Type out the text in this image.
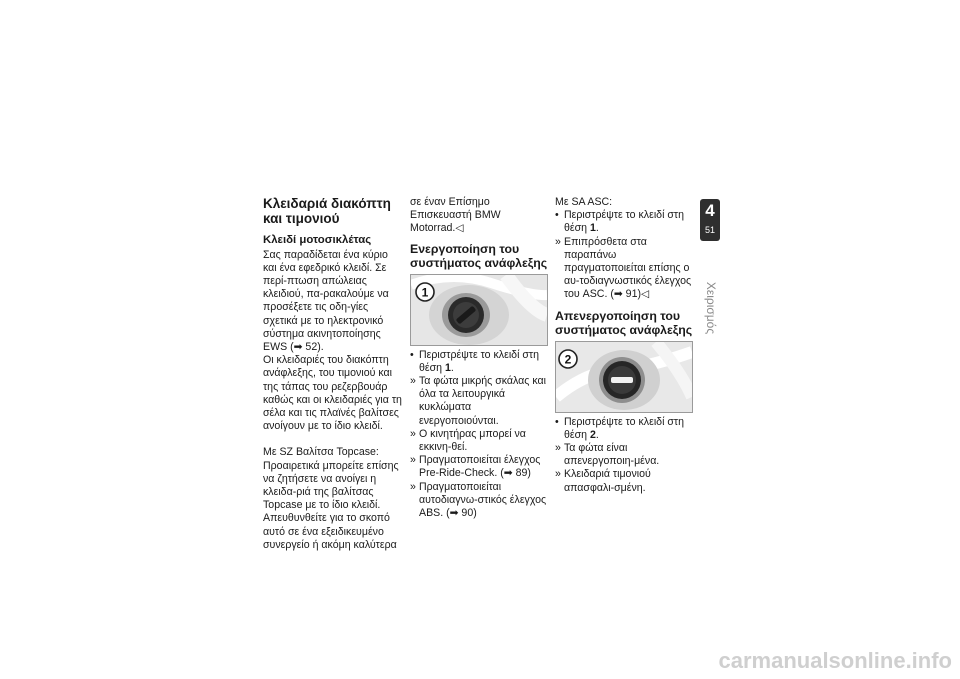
Κλειδαριά διακόπτη και τιμονιού
Κλειδί μοτοσικλέτας

Σας παραδίδεται ένα κύριο και ένα εφεδρικό κλειδί. Σε περί-πτωση απώλειας κλειδιού, πα-ρακαλούμε να προσέξετε τις οδη-γίες σχετικά με το ηλεκτρονικό σύστημα ακινητοποίησης EWS (➡ 52).

Οι κλειδαριές του διακόπτη ανάφλεξης, του τιμονιού και της τάπας του ρεζερβουάρ καθώς και οι κλειδαριές για τη σέλα και τις πλαϊνές βαλίτσες ανοίγουν με το ίδιο κλειδί.

Με SZ Βαλίτσα Topcase:

Προαιρετικά μπορείτε επίσης να ζητήσετε να ανοίγει η κλειδα-ριά της βαλίτσας Topcase με το ίδιο κλειδί. Απευθυνθείτε για το σκοπό αυτό σε ένα εξειδικευμένο συνεργείο ή ακόμη καλύτερα

σε έναν Επίσημο Επισκευαστή BMW Motorrad.◁

Ενεργοποίηση του συστήματος ανάφλεξης
1
• Περιστρέψτε το κλειδί στη θέση 1.
» Τα φώτα μικρής σκάλας και όλα τα λειτουργικά κυκλώματα ενεργοποιούνται.
» Ο κινητήρας μπορεί να εκκινη-θεί.
» Πραγματοποιείται έλεγχος Pre-Ride-Check. (➡ 89)
» Πραγματοποιείται αυτοδιαγνω-στικός έλεγχος ABS. (➡ 90)

Με SA ASC:

• Περιστρέψτε το κλειδί στη θέση 1.
» Επιπρόσθετα στα παραπάνω πραγματοποιείται επίσης ο αυ-τοδιαγνωστικός έλεγχος του ASC. (➡ 91)◁
Απενεργοποίηση του συστήματος ανάφλεξης
2
• Περιστρέψτε το κλειδί στη θέση 2.
» Τα φώτα είναι απενεργοποιη-μένα.
» Κλειδαριά τιμονιού απασφαλι-σμένη.
4
51
Χειρισμός
carmanualsonline.info
